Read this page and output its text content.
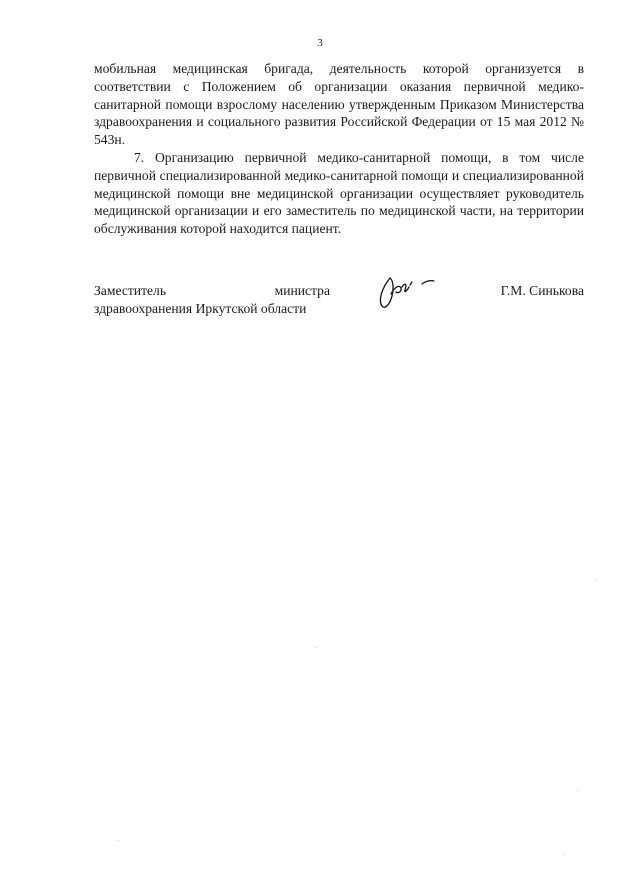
3

мобильная медицинская бригада, деятельность которой организуется в соответствии с Положением об организации оказания первичной медико-санитарной помощи взрослому населению утвержденным Приказом Министерства здравоохранения и социального развития Российской Федерации от 15 мая 2012 № 543н.

7. Организацию первичной медико-санитарной помощи, в том числе первичной специализированной медико-санитарной помощи и специализированной медицинской помощи вне медицинской организации осуществляет руководитель медицинской организации и его заместитель по медицинской части, на территории обслуживания которой находится пациент.

Заместитель	министра
здравоохранения Иркутской области
Г.М. Синькова
